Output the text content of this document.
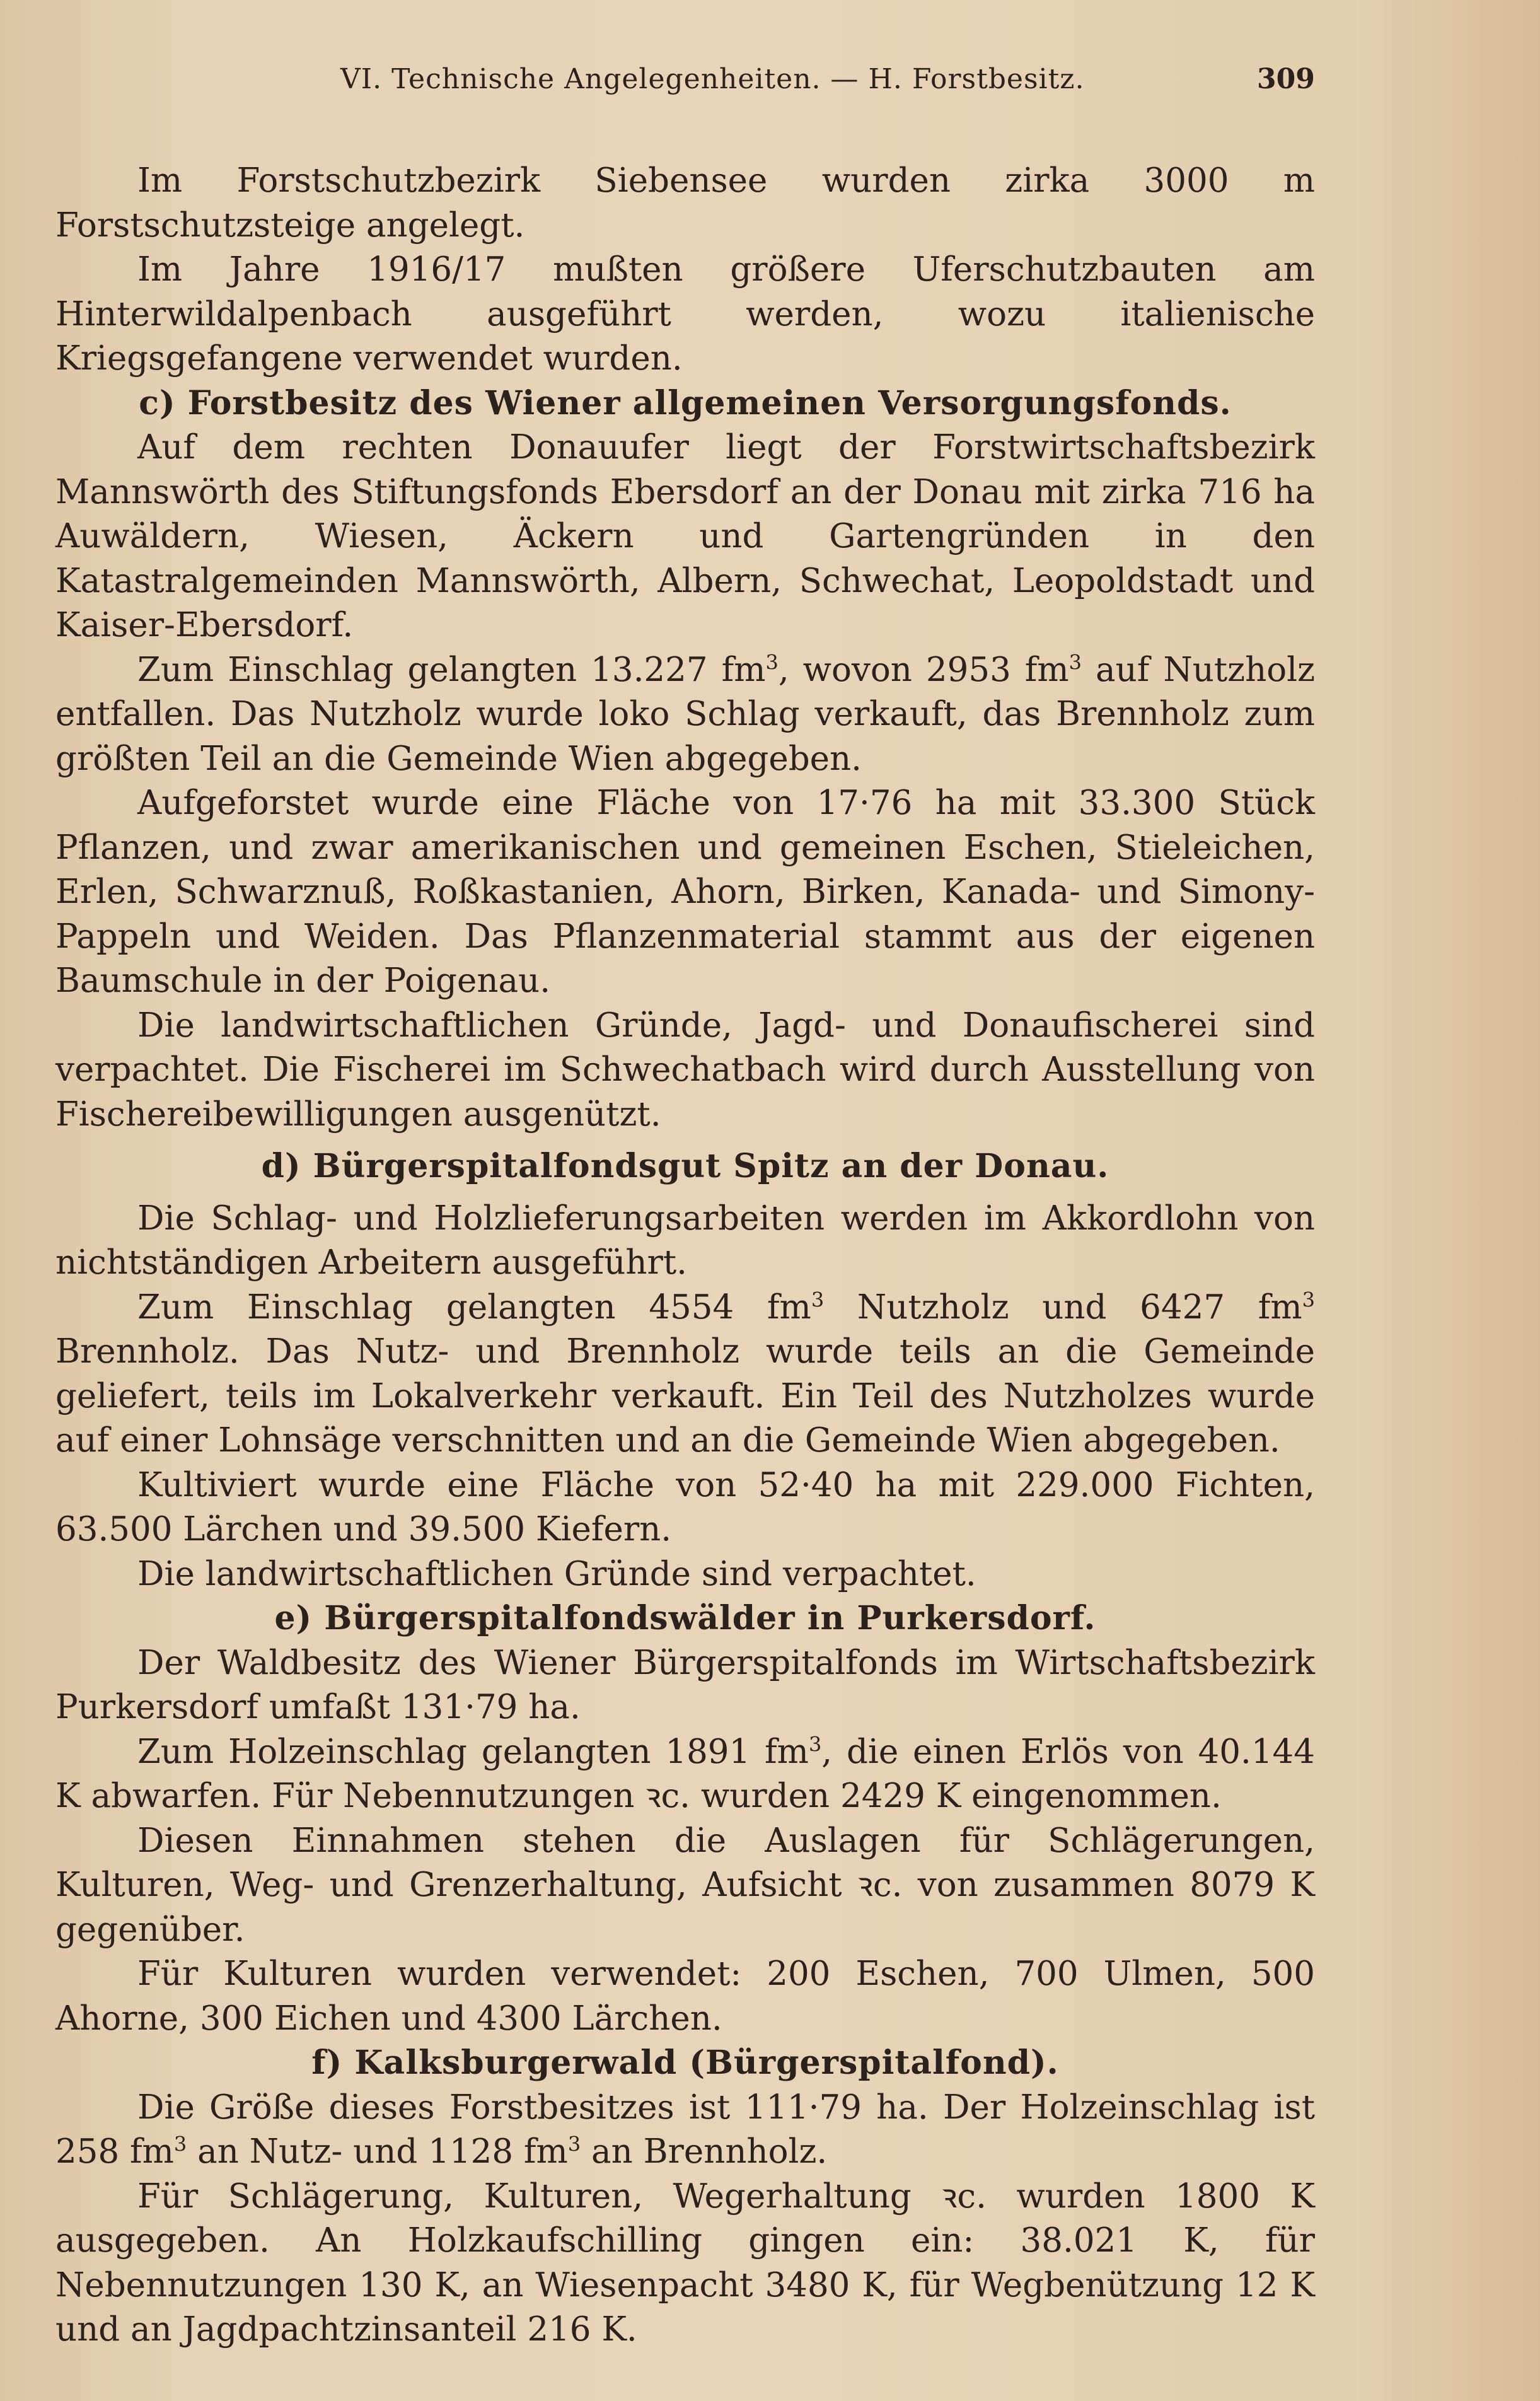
VI. Technische Angelegenheiten. — H. Forstbesitz.	309

Im Forstschutzbezirk Siebensee wurden zirka 3000 m Forstschutzsteige angelegt.

Im Jahre 1916/17 mußten größere Uferschutzbauten am Hinterwildalpenbach ausgeführt werden, wozu italienische Kriegsgefangene verwendet wurden.

c) Forstbesitz des Wiener allgemeinen Versorgungsfonds.

Auf dem rechten Donauufer liegt der Forstwirtschaftsbezirk Mannswörth des Stiftungsfonds Ebersdorf an der Donau mit zirka 716 ha Auwäldern, Wiesen, Äckern und Gartengründen in den Katastralgemeinden Mannswörth, Albern, Schwechat, Leopoldstadt und Kaiser-Ebersdorf.

Zum Einschlag gelangten 13.227 $fm^3$, wovon 2953 $fm^3$ auf Nutzholz entfallen. Das Nutzholz wurde loko Schlag verkauft, das Brennholz zum größten Teil an die Gemeinde Wien abgegeben.

Aufgeforstet wurde eine Fläche von 17·76 ha mit 33.300 Stück Pflanzen, und zwar amerikanischen und gemeinen Eschen, Stieleichen, Erlen, Schwarznuß, Roßkastanien, Ahorn, Birken, Kanada- und Simony-Pappeln und Weiden. Das Pflanzenmaterial stammt aus der eigenen Baumschule in der Poigenau.

Die landwirtschaftlichen Gründe, Jagd- und Donaufischerei sind verpachtet. Die Fischerei im Schwechatbach wird durch Ausstellung von Fischereibewilligungen ausgenützt.

d) Bürgerspitalfondsgut Spitz an der Donau.

Die Schlag- und Holzlieferungsarbeiten werden im Akkordlohn von nichtständigen Arbeitern ausgeführt.

Zum Einschlag gelangten 4554 $fm^3$ Nutzholz und 6427 $fm^3$ Brennholz. Das Nutz- und Brennholz wurde teils an die Gemeinde geliefert, teils im Lokalverkehr verkauft. Ein Teil des Nutzholzes wurde auf einer Lohnsäge verschnitten und an die Gemeinde Wien abgegeben.

Kultiviert wurde eine Fläche von 52·40 ha mit 229.000 Fichten, 63.500 Lärchen und 39.500 Kiefern.

Die landwirtschaftlichen Gründe sind verpachtet.

e) Bürgerspitalfondswälder in Purkersdorf.

Der Waldbesitz des Wiener Bürgerspitalfonds im Wirtschaftsbezirk Purkersdorf umfaßt 131·79 ha.

Zum Holzeinschlag gelangten 1891 $fm^3$, die einen Erlös von 40.144 K abwarfen. Für Nebennutzungen ꝛc. wurden 2429 K eingenommen.

Diesen Einnahmen stehen die Auslagen für Schlägerungen, Kulturen, Weg- und Grenzerhaltung, Aufsicht ꝛc. von zusammen 8079 K gegenüber.

Für Kulturen wurden verwendet: 200 Eschen, 700 Ulmen, 500 Ahorne, 300 Eichen und 4300 Lärchen.

f) Kalksburgerwald (Bürgerspitalfond).

Die Größe dieses Forstbesitzes ist 111·79 ha. Der Holzeinschlag ist 258 $fm^3$ an Nutz- und 1128 $fm^3$ an Brennholz.

Für Schlägerung, Kulturen, Wegerhaltung ꝛc. wurden 1800 K ausgegeben. An Holzkaufschilling gingen ein: 38.021 K, für Nebennutzungen 130 K, an Wiesenpacht 3480 K, für Wegbenützung 12 K und an Jagdpachtzinsanteil 216 K.
